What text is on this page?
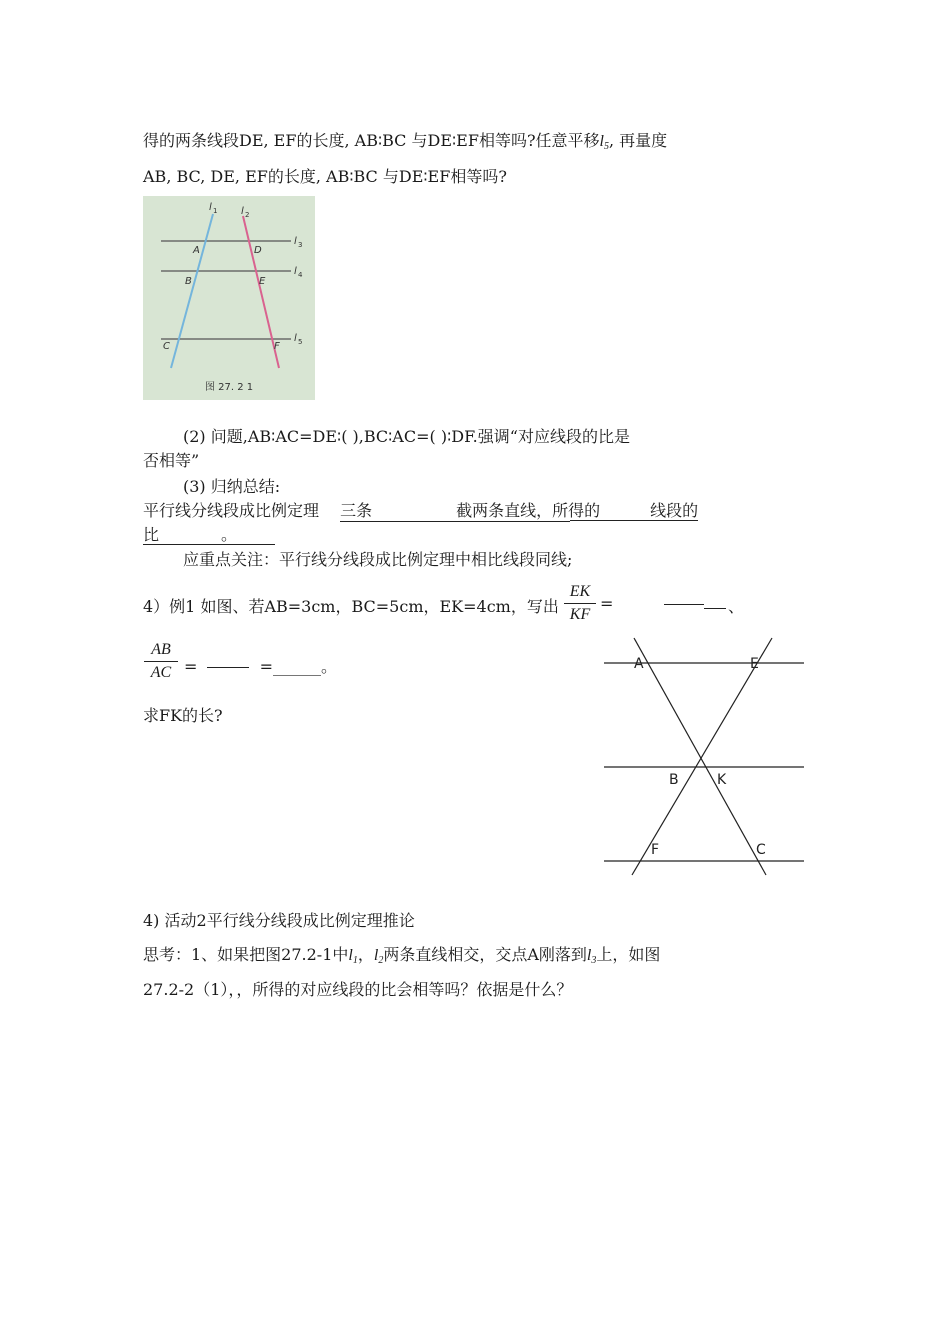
得的两条线段DE, EF的长度, AB∶BC 与DE∶EF相等吗?任意平移$l_5$, 再量度
AB, BC, DE, EF的长度, AB∶BC 与DE∶EF相等吗?
l 1 l 2
l 3
l 4
l 5
A	D
B	E
C	F
图 27. 2 1
(2) 问题,AB∶AC=DE∶( ),BC∶AC=( )∶DF.强调“对应线段的比是
否相等”
(3) 归纳总结:
平行线分线段成比例定理 三条	截两条直线，所得的	线段的
比	。
应重点关注：平行线分线段成比例定理中相比线段同线;
4）例1 如图、若AB=3cm，BC=5cm，EK=4cm，写出 $\frac{EK}{KF}$ =	、
$\frac{AB}{AC}$ =	=______。
求FK的长?
A	E
B	K
F	C
4) 活动2平行线分线段成比例定理推论
思考：1、如果把图27.2-1中$l_1$，$l_2$两条直线相交，交点A刚落到$l_3$上，如图
27.2-2（1），，所得的对应线段的比会相等吗？依据是什么？
